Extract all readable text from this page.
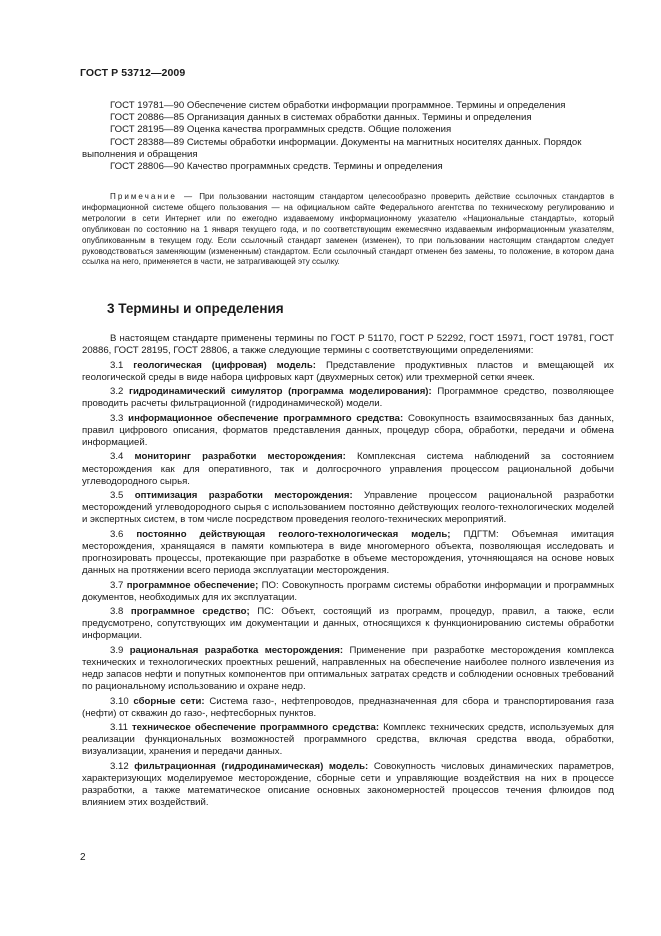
ГОСТ Р 53712—2009

ГОСТ 19781—90 Обеспечение систем обработки информации программное. Термины и определения

ГОСТ 20886—85 Организация данных в системах обработки данных. Термины и определения

ГОСТ 28195—89 Оценка качества программных средств. Общие положения

ГОСТ 28388—89 Системы обработки информации. Документы на магнитных носителях данных. Порядок выполнения и обращения

ГОСТ 28806—90 Качество программных средств. Термины и определения

Примечание — При пользовании настоящим стандартом целесообразно проверить действие ссылочных стандартов в информационной системе общего пользования — на официальном сайте Федерального агентства по техническому регулированию и метрологии в сети Интернет или по ежегодно издаваемому информационному указателю «Национальные стандарты», который опубликован по состоянию на 1 января текущего года, и по соответствующим ежемесячно издаваемым информационным указателям, опубликованным в текущем году. Если ссылочный стандарт заменен (изменен), то при пользовании настоящим стандартом следует руководствоваться заменяющим (измененным) стандартом. Если ссылочный стандарт отменен без замены, то положение, в котором дана ссылка на него, применяется в части, не затрагивающей эту ссылку.

3 Термины и определения

В настоящем стандарте применены термины по ГОСТ Р 51170, ГОСТ Р 52292, ГОСТ 15971, ГОСТ 19781, ГОСТ 20886, ГОСТ 28195, ГОСТ 28806, а также следующие термины с соответствующими определениями:

3.1 геологическая (цифровая) модель: Представление продуктивных пластов и вмещающей их геологической среды в виде набора цифровых карт (двухмерных сеток) или трехмерной сетки ячеек.

3.2 гидродинамический симулятор (программа моделирования): Программное средство, позволяющее проводить расчеты фильтрационной (гидродинамической) модели.

3.3 информационное обеспечение программного средства: Совокупность взаимосвязанных баз данных, правил цифрового описания, форматов представления данных, процедур сбора, обработки, передачи и обмена информацией.

3.4 мониторинг разработки месторождения: Комплексная система наблюдений за состоянием месторождения как для оперативного, так и долгосрочного управления процессом рациональной добычи углеводородного сырья.

3.5 оптимизация разработки месторождения: Управление процессом рациональной разработки месторождений углеводородного сырья с использованием постоянно действующих геолого-технологических моделей и экспертных систем, в том числе посредством проведения геолого-технических мероприятий.

3.6 постоянно действующая геолого-технологическая модель; ПДГТМ: Объемная имитация месторождения, хранящаяся в памяти компьютера в виде многомерного объекта, позволяющая исследовать и прогнозировать процессы, протекающие при разработке в объеме месторождения, уточняющаяся на основе новых данных на протяжении всего периода эксплуатации месторождения.

3.7 программное обеспечение; ПО: Совокупность программ системы обработки информации и программных документов, необходимых для их эксплуатации.

3.8 программное средство; ПС: Объект, состоящий из программ, процедур, правил, а также, если предусмотрено, сопутствующих им документации и данных, относящихся к функционированию системы обработки информации.

3.9 рациональная разработка месторождения: Применение при разработке месторождения комплекса технических и технологических проектных решений, направленных на обеспечение наиболее полного извлечения из недр запасов нефти и попутных компонентов при оптимальных затратах средств и соблюдении основных требований по рациональному использованию и охране недр.

3.10 сборные сети: Система газо-, нефтепроводов, предназначенная для сбора и транспортирования газа (нефти) от скважин до газо-, нефтесборных пунктов.

3.11 техническое обеспечение программного средства: Комплекс технических средств, используемых для реализации функциональных возможностей программного средства, включая средства ввода, обработки, визуализации, хранения и передачи данных.

3.12 фильтрационная (гидродинамическая) модель: Совокупность числовых динамических параметров, характеризующих моделируемое месторождение, сборные сети и управляющие воздействия на них в процессе разработки, а также математическое описание основных закономерностей процессов течения флюидов под влиянием этих воздействий.

2
